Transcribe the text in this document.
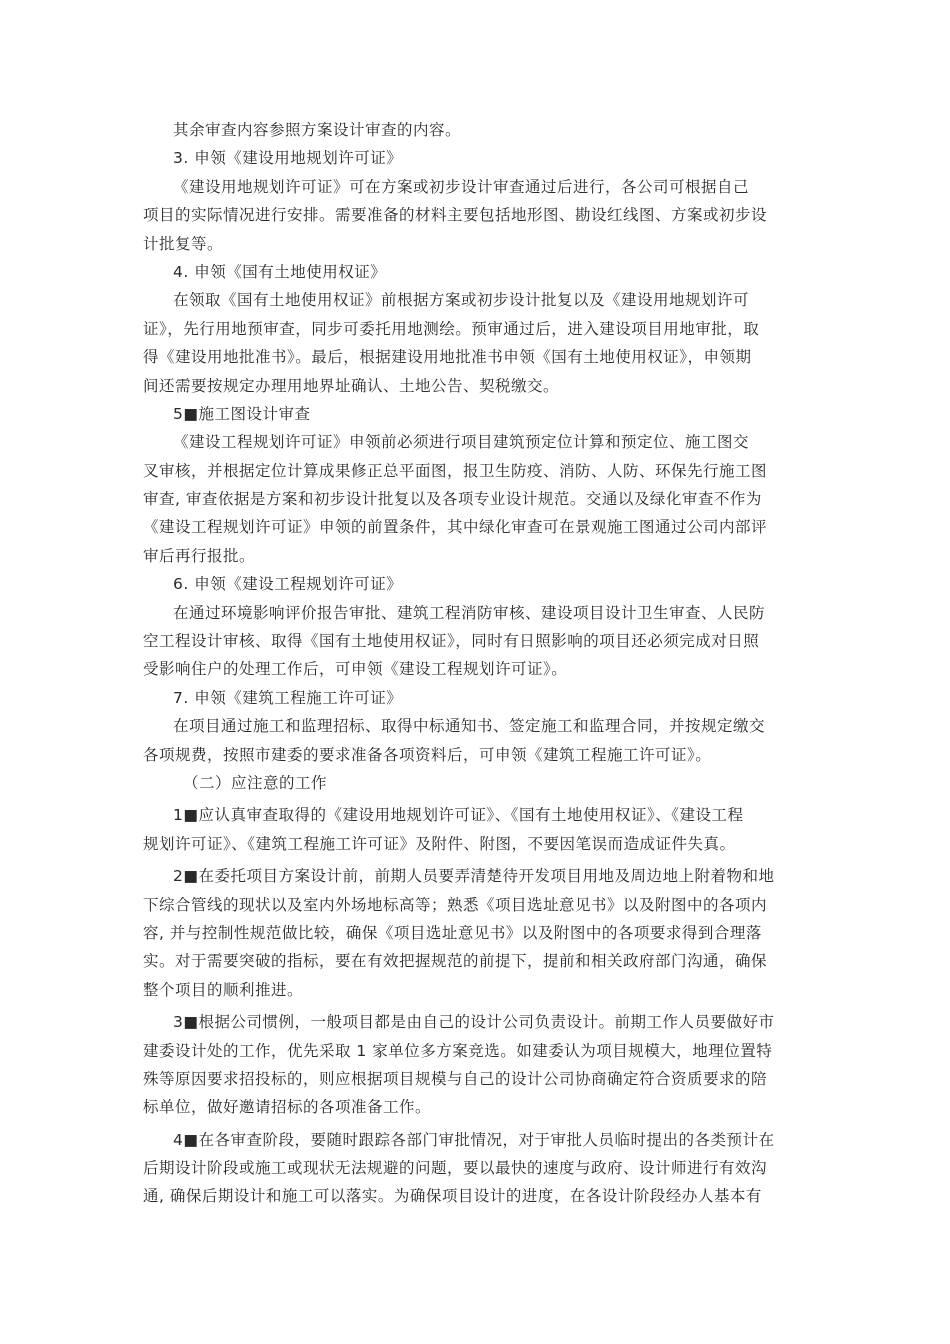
其余审查内容参照方案设计审查的内容。
3. 申领《建设用地规划许可证》
《建设用地规划许可证》可在方案或初步设计审查通过后进行，各公司可根据自己
项目的实际情况进行安排。需要准备的材料主要包括地形图、勘设红线图、方案或初步设
计批复等。
4. 申领《国有土地使用权证》
在领取《国有土地使用权证》前根据方案或初步设计批复以及《建设用地规划许可
证》，先行用地预审查，同步可委托用地测绘。预审通过后，进入建设项目用地审批，取
得《建设用地批准书》。最后，根据建设用地批准书申领《国有土地使用权证》，申领期
间还需要按规定办理用地界址确认、土地公告、契税缴交。
5■施工图设计审查
《建设工程规划许可证》申领前必须进行项目建筑预定位计算和预定位、施工图交
叉审核，并根据定位计算成果修正总平面图，报卫生防疫、消防、人防、环保先行施工图
审查, 审查依据是方案和初步设计批复以及各项专业设计规范。交通以及绿化审查不作为
《建设工程规划许可证》申领的前置条件，其中绿化审查可在景观施工图通过公司内部评
审后再行报批。
6. 申领《建设工程规划许可证》
在通过环境影响评价报告审批、建筑工程消防审核、建设项目设计卫生审查、人民防
空工程设计审核、取得《国有土地使用权证》，同时有日照影响的项目还必须完成对日照
受影响住户的处理工作后，可申领《建设工程规划许可证》。
7. 申领《建筑工程施工许可证》
在项目通过施工和监理招标、取得中标通知书、签定施工和监理合同，并按规定缴交
各项规费，按照市建委的要求准备各项资料后，可申领《建筑工程施工许可证》。
（二）应注意的工作
1■应认真审查取得的《建设用地规划许可证》、《国有土地使用权证》、《建设工程
规划许可证》、《建筑工程施工许可证》及附件、附图，不要因笔误而造成证件失真。
2■在委托项目方案设计前，前期人员要弄清楚待开发项目用地及周边地上附着物和地
下综合管线的现状以及室内外场地标高等；熟悉《项目选址意见书》以及附图中的各项内
容, 并与控制性规范做比较，确保《项目选址意见书》以及附图中的各项要求得到合理落
实。对于需要突破的指标，要在有效把握规范的前提下，提前和相关政府部门沟通，确保
整个项目的顺利推进。
3■根据公司惯例，一般项目都是由自己的设计公司负责设计。前期工作人员要做好市
建委设计处的工作，优先采取 1 家单位多方案竞选。如建委认为项目规模大，地理位置特
殊等原因要求招投标的，则应根据项目规模与自己的设计公司协商确定符合资质要求的陪
标单位，做好邀请招标的各项准备工作。
4■在各审查阶段，要随时跟踪各部门审批情况，对于审批人员临时提出的各类预计在
后期设计阶段或施工或现状无法规避的问题，要以最快的速度与政府、设计师进行有效沟
通, 确保后期设计和施工可以落实。为确保项目设计的进度，在各设计阶段经办人基本有
